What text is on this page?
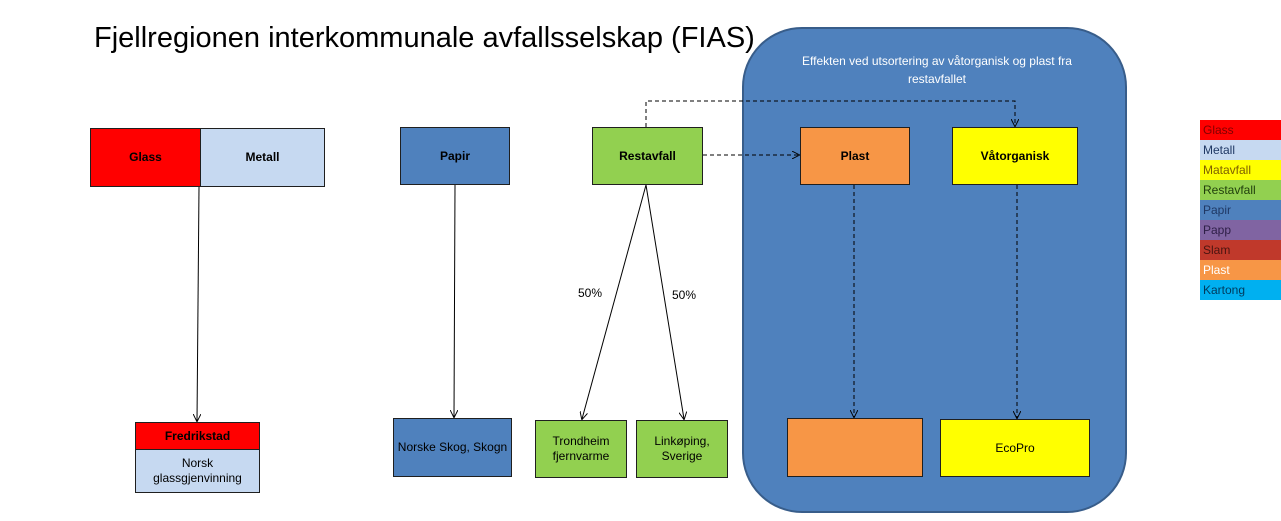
Fjellregionen interkommunale avfallsselskap (FIAS)
Effekten ved utsortering av våtorganisk og plast fra restavfallet
Glass	Metall	Papir	Restavfall	Plast	Våtorganisk
Fredrikstad
Norsk glassgjenvinning
Norske Skog, Skogn	Trondheim fjernvarme
Linkøping, Sverige
EcoPro
50%	50%
Glass
Metall
Matavfall
Restavfall
Papir
Papp
Slam
Plast
Kartong
